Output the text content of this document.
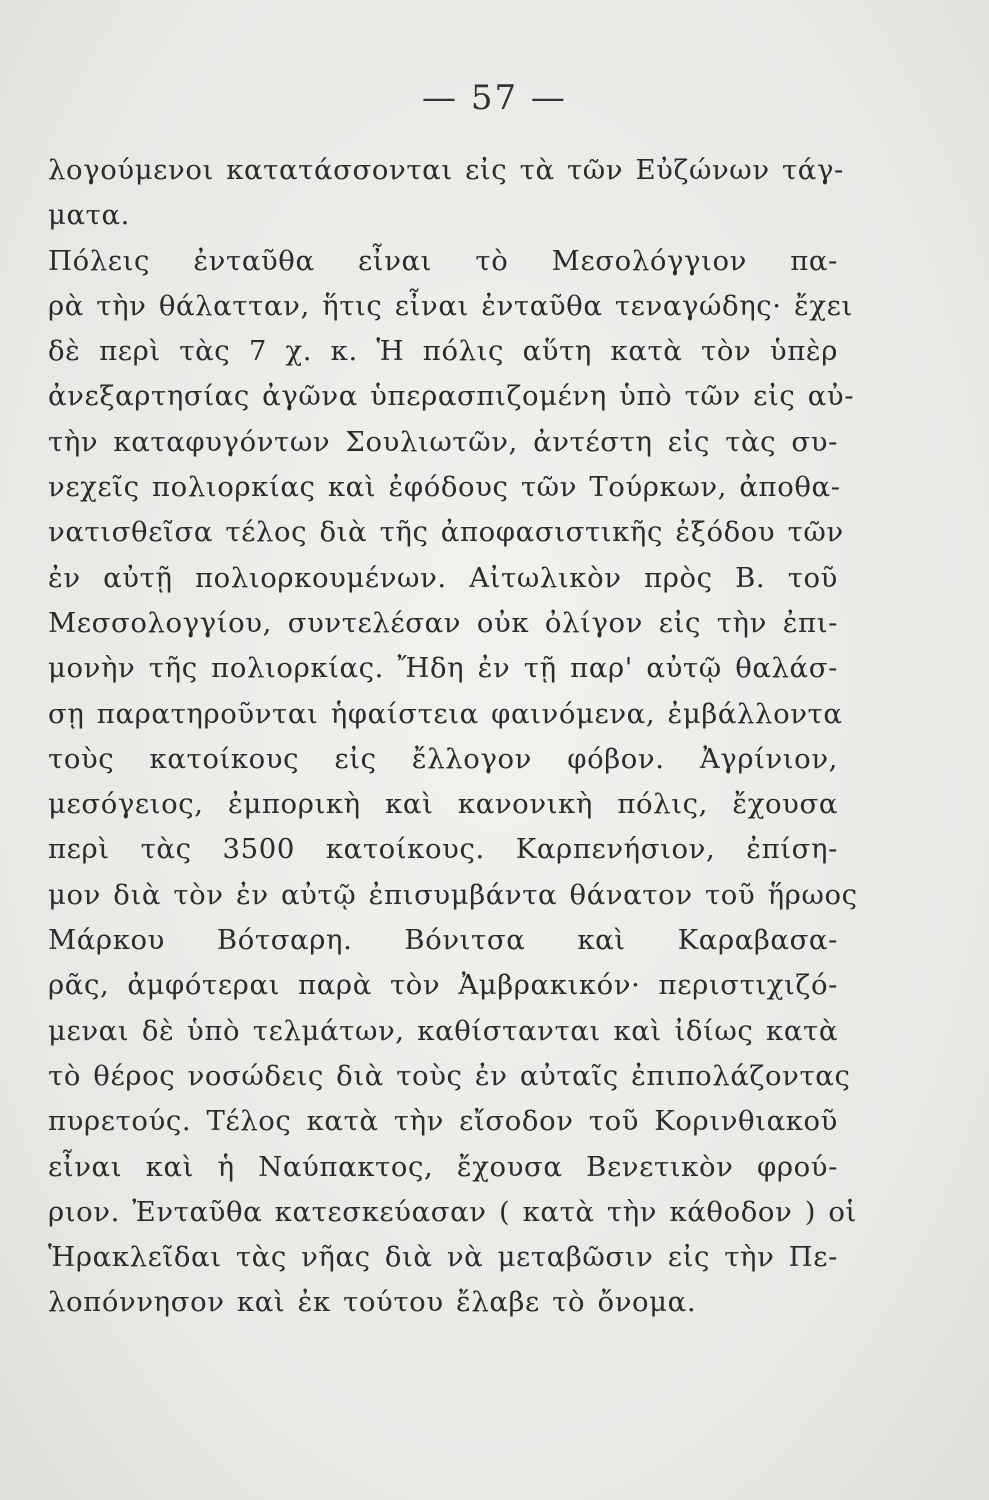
— 57 —
λογούμενοι κατατάσσονται εἰς τὰ τῶν Εὐζώνων τάγ-
ματα.
Πόλεις ἐνταῦθα εἶναι τὸ Μεσολόγγιον πα-
ρὰ τὴν θάλατταν, ἥτις εἶναι ἐνταῦθα τεναγώδης· ἔχει
δὲ περὶ τὰς 7 χ. κ. Ἡ πόλις αὕτη κατὰ τὸν ὑπὲρ
ἀνεξαρτησίας ἀγῶνα ὑπερασπιζομένη ὑπὸ τῶν εἰς αὐ-
τὴν καταφυγόντων Σουλιωτῶν, ἀντέστη εἰς τὰς συ-
νεχεῖς πολιορκίας καὶ ἐφόδους τῶν Τούρκων, ἀποθα-
νατισθεῖσα τέλος διὰ τῆς ἀποφασιστικῆς ἐξόδου τῶν
ἐν αὐτῇ πολιορκουμένων. Αἰτωλικὸν πρὸς Β. τοῦ
Μεσσολογγίου, συντελέσαν οὐκ ὀλίγον εἰς τὴν ἐπι-
μονὴν τῆς πολιορκίας. Ἤδη ἐν τῇ παρ' αὐτῷ θαλάσ-
σῃ παρατηροῦνται ἡφαίστεια φαινόμενα, ἐμβάλλοντα
τοὺς κατοίκους εἰς ἔλλογον φόβον. Ἀγρίνιον,
μεσόγειος, ἐμπορικὴ καὶ κανονικὴ πόλις, ἔχουσα
περὶ τὰς 3500 κατοίκους. Καρπενήσιον, ἐπίση-
μον διὰ τὸν ἐν αὐτῷ ἐπισυμβάντα θάνατον τοῦ ἥρωος
Μάρκου Βότσαρη. Βόνιτσα καὶ Καραβασα-
ρᾶς, ἀμφότεραι παρὰ τὸν Ἀμβρακικόν· περιστιχιζό-
μεναι δὲ ὑπὸ τελμάτων, καθίστανται καὶ ἰδίως κατὰ
τὸ θέρος νοσώδεις διὰ τοὺς ἐν αὐταῖς ἐπιπολάζοντας
πυρετούς. Τέλος κατὰ τὴν εἴσοδον τοῦ Κορινθιακοῦ
εἶναι καὶ ἡ Ναύπακτος, ἔχουσα Βενετικὸν φρού-
ριον. Ἐνταῦθα κατεσκεύασαν ( κατὰ τὴν κάθοδον ) οἱ
Ἡρακλεῖδαι τὰς νῆας διὰ νὰ μεταβῶσιν εἰς τὴν Πε-
λοπόννησον καὶ ἐκ τούτου ἔλαβε τὸ ὄνομα.
